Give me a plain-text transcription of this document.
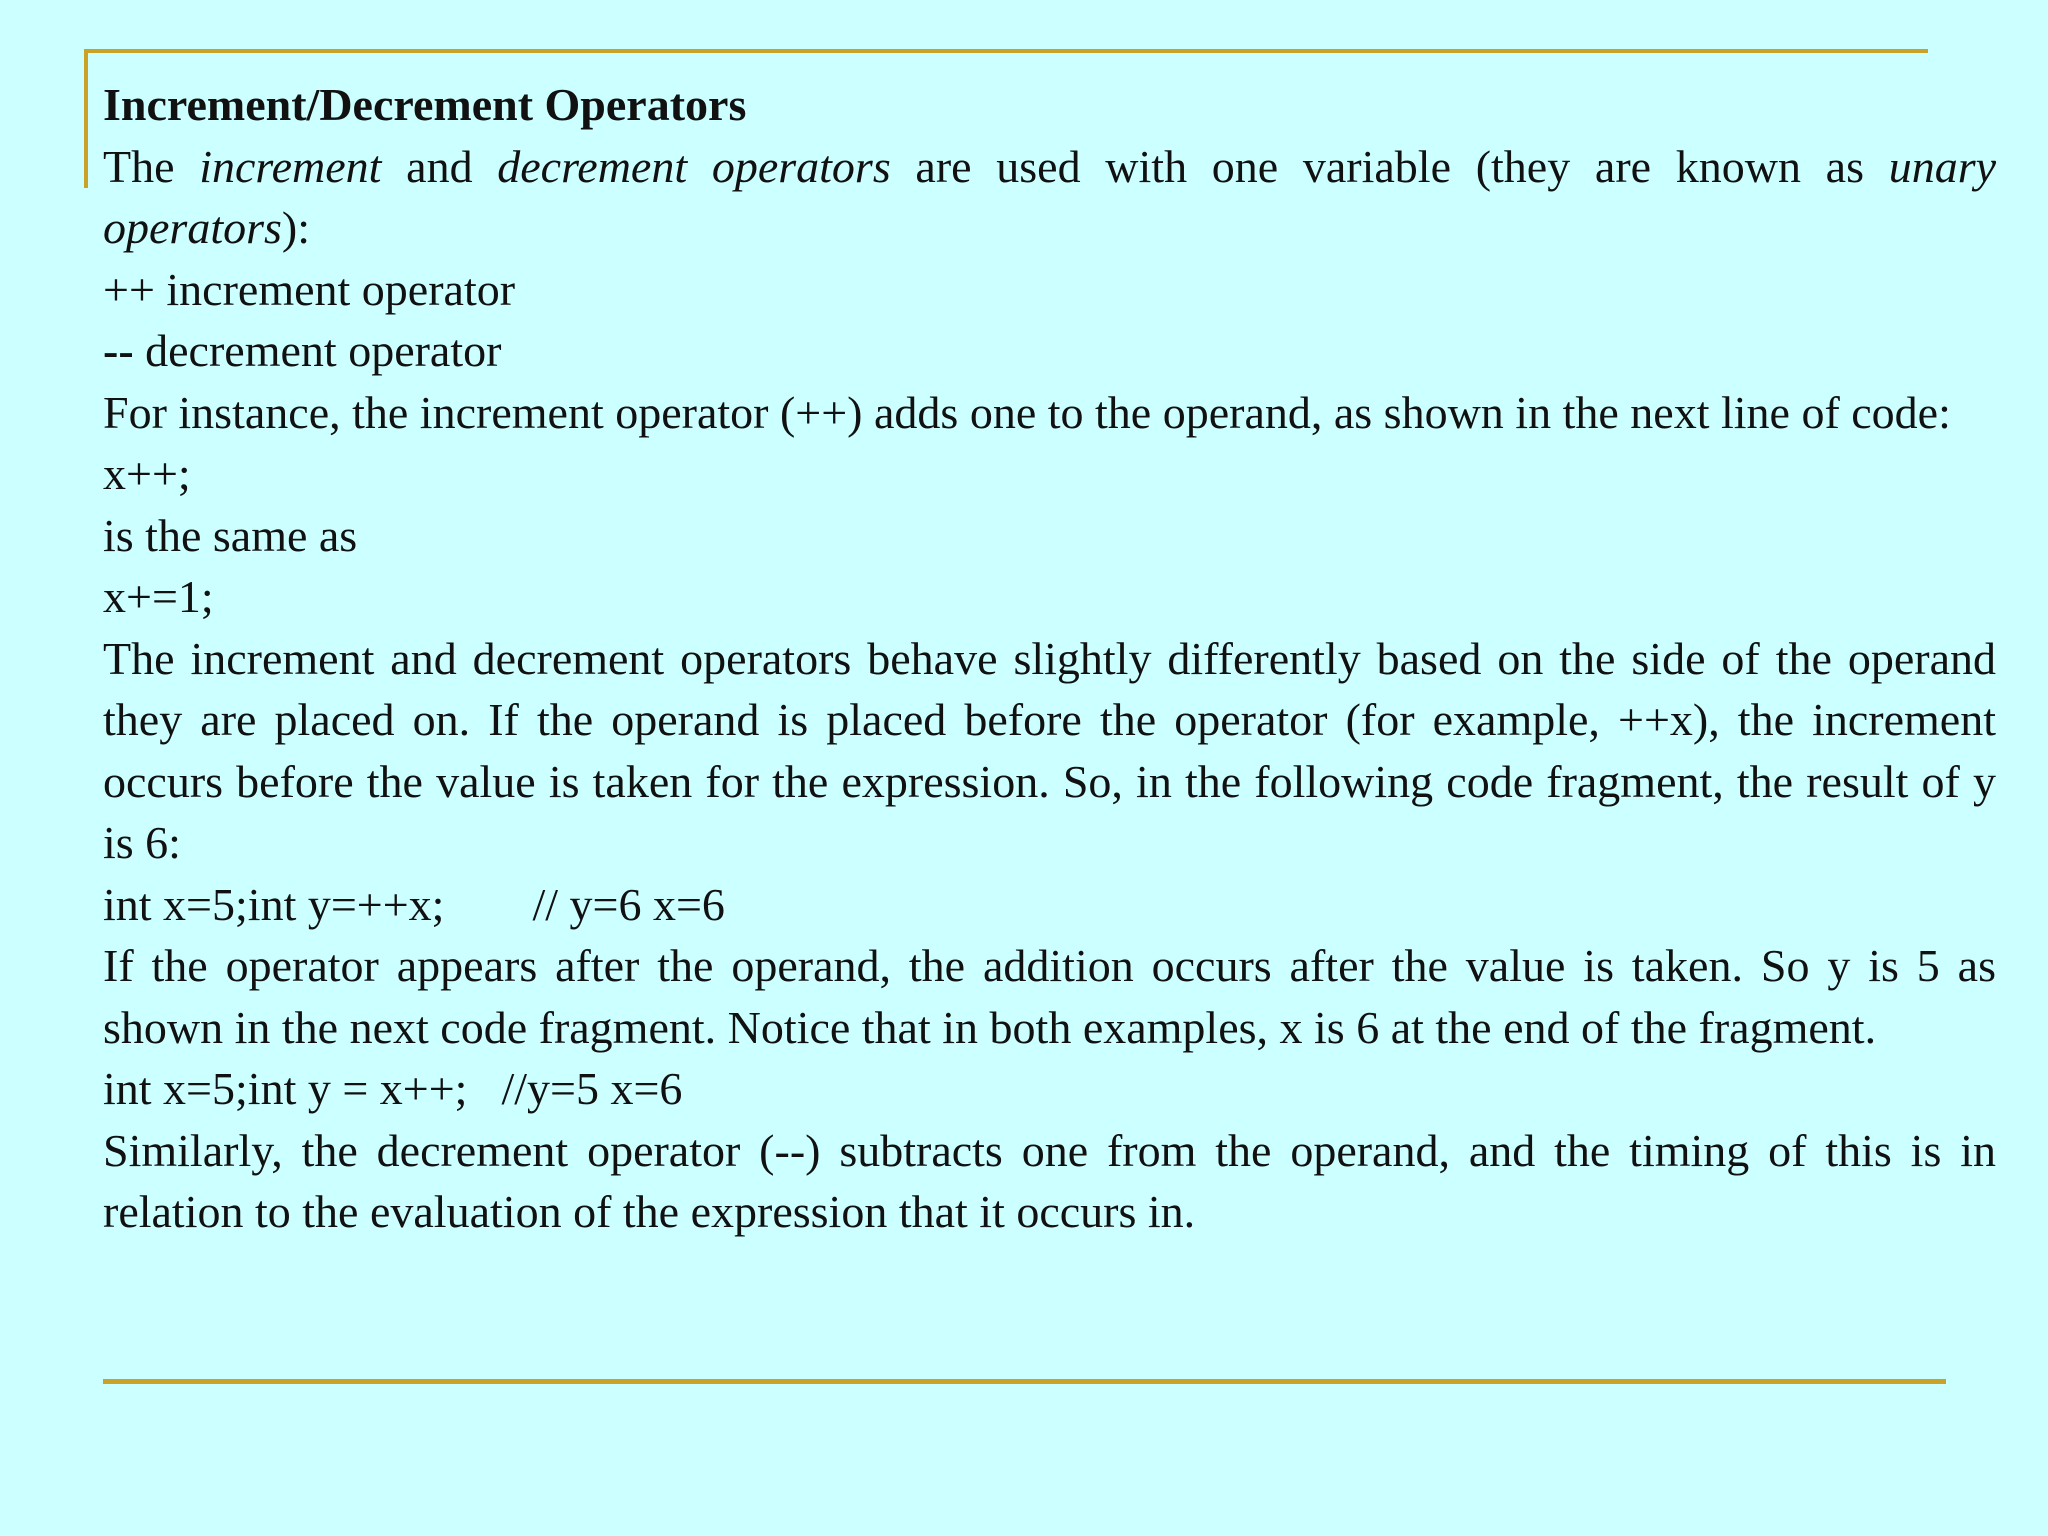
Increment/Decrement Operators
The increment and decrement operators are used with one variable (they are known as unary operators):
++ increment operator
-- decrement operator
For instance, the increment operator (++) adds one to the operand, as shown in the next line of code:
x++;
is the same as
x+=1;
The increment and decrement operators behave slightly differently based on the side of the operand they are placed on. If the operand is placed before the operator (for example, ++x), the increment occurs before the value is taken for the expression. So, in the following code fragment, the result of y is 6:
int x=5;int y=++x; // y=6 x=6
If the operator appears after the operand, the addition occurs after the value is taken. So y is 5 as shown in the next code fragment. Notice that in both examples, x is 6 at the end of the fragment.
int x=5;int y = x++; //y=5 x=6
Similarly, the decrement operator (--) subtracts one from the operand, and the timing of this is in relation to the evaluation of the expression that it occurs in.
